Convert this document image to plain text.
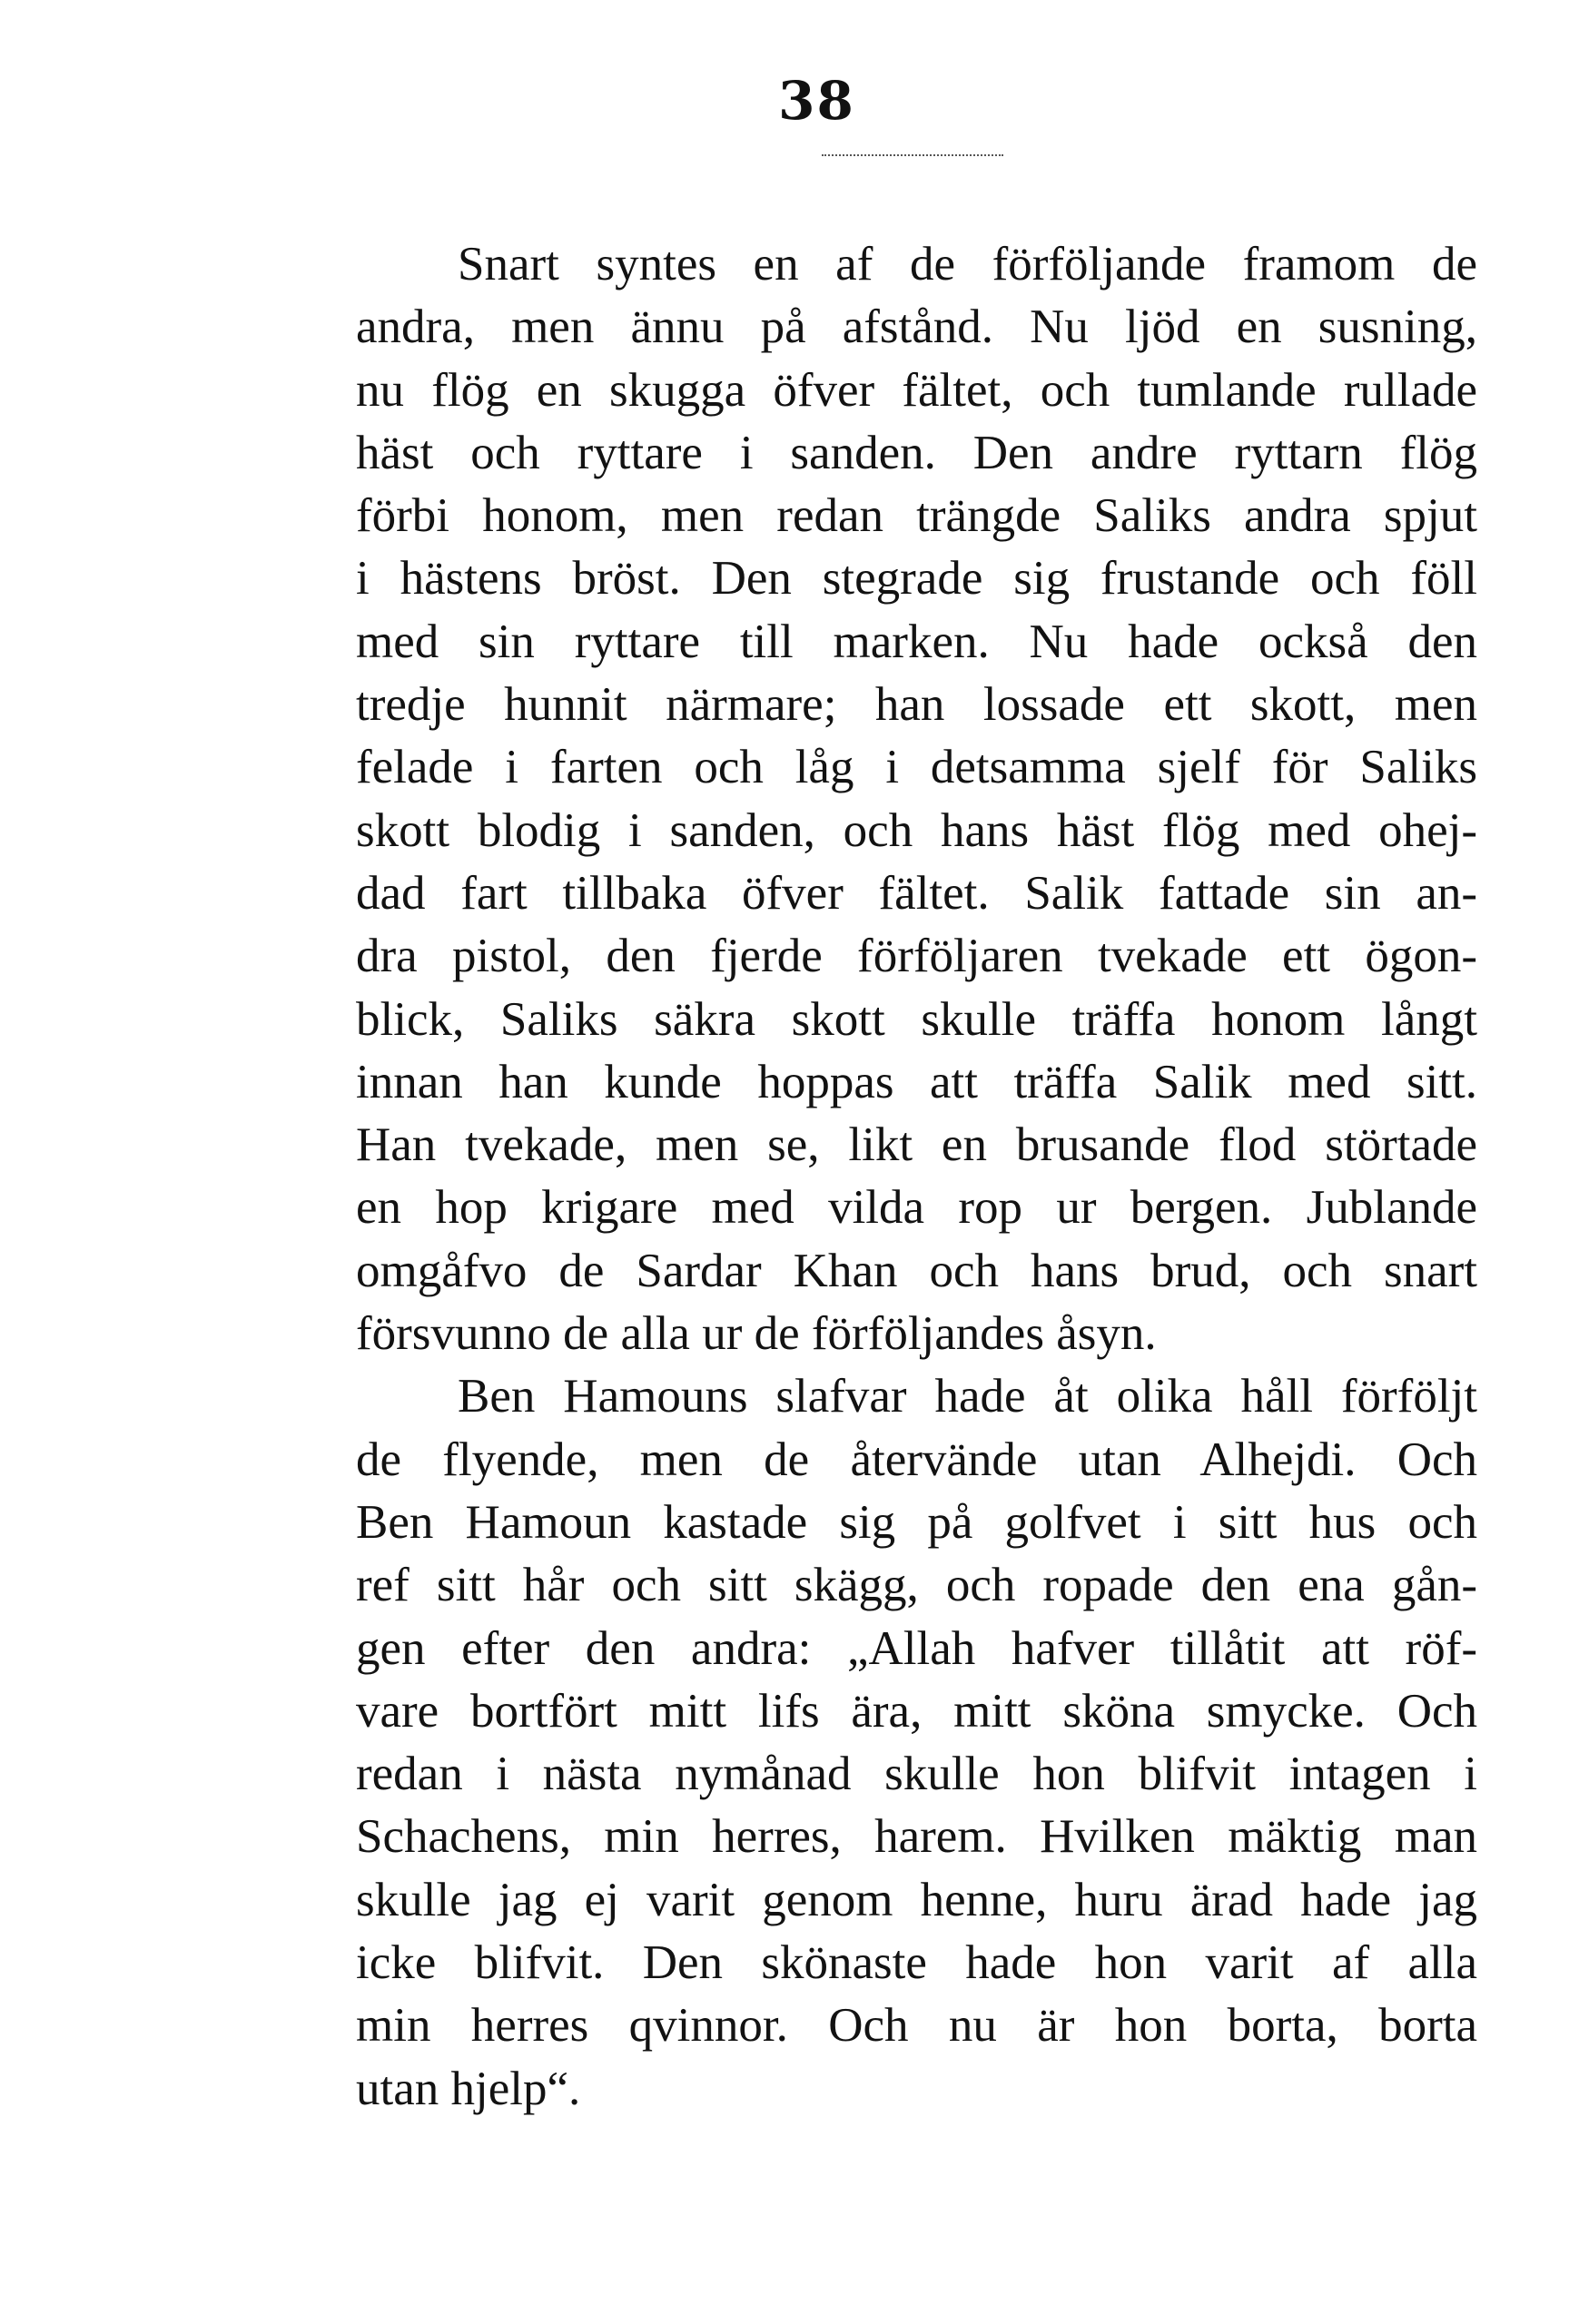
38
Snart syntes en af de förföljande framom de
andra, men ännu på afstånd. Nu ljöd en susning,
nu flög en skugga öfver fältet, och tumlande rullade
häst och ryttare i sanden. Den andre ryttarn flög
förbi honom, men redan trängde Saliks andra spjut
i hästens bröst. Den stegrade sig frustande och föll
med sin ryttare till marken. Nu hade också den
tredje hunnit närmare; han lossade ett skott, men
felade i farten och låg i detsamma sjelf för Saliks
skott blodig i sanden, och hans häst flög med ohej-
dad fart tillbaka öfver fältet. Salik fattade sin an-
dra pistol, den fjerde förföljaren tvekade ett ögon-
blick, Saliks säkra skott skulle träffa honom långt
innan han kunde hoppas att träffa Salik med sitt.
Han tvekade, men se, likt en brusande flod störtade
en hop krigare med vilda rop ur bergen. Jublande
omgåfvo de Sardar Khan och hans brud, och snart
försvunno de alla ur de förföljandes åsyn.
Ben Hamouns slafvar hade åt olika håll förföljt
de flyende, men de återvände utan Alhejdi. Och
Ben Hamoun kastade sig på golfvet i sitt hus och
ref sitt hår och sitt skägg, och ropade den ena gån-
gen efter den andra: „Allah hafver tillåtit att röf-
vare bortfört mitt lifs ära, mitt sköna smycke. Och
redan i nästa nymånad skulle hon blifvit intagen i
Schachens, min herres, harem. Hvilken mäktig man
skulle jag ej varit genom henne, huru ärad hade jag
icke blifvit. Den skönaste hade hon varit af alla
min herres qvinnor. Och nu är hon borta, borta
utan hjelp“.
